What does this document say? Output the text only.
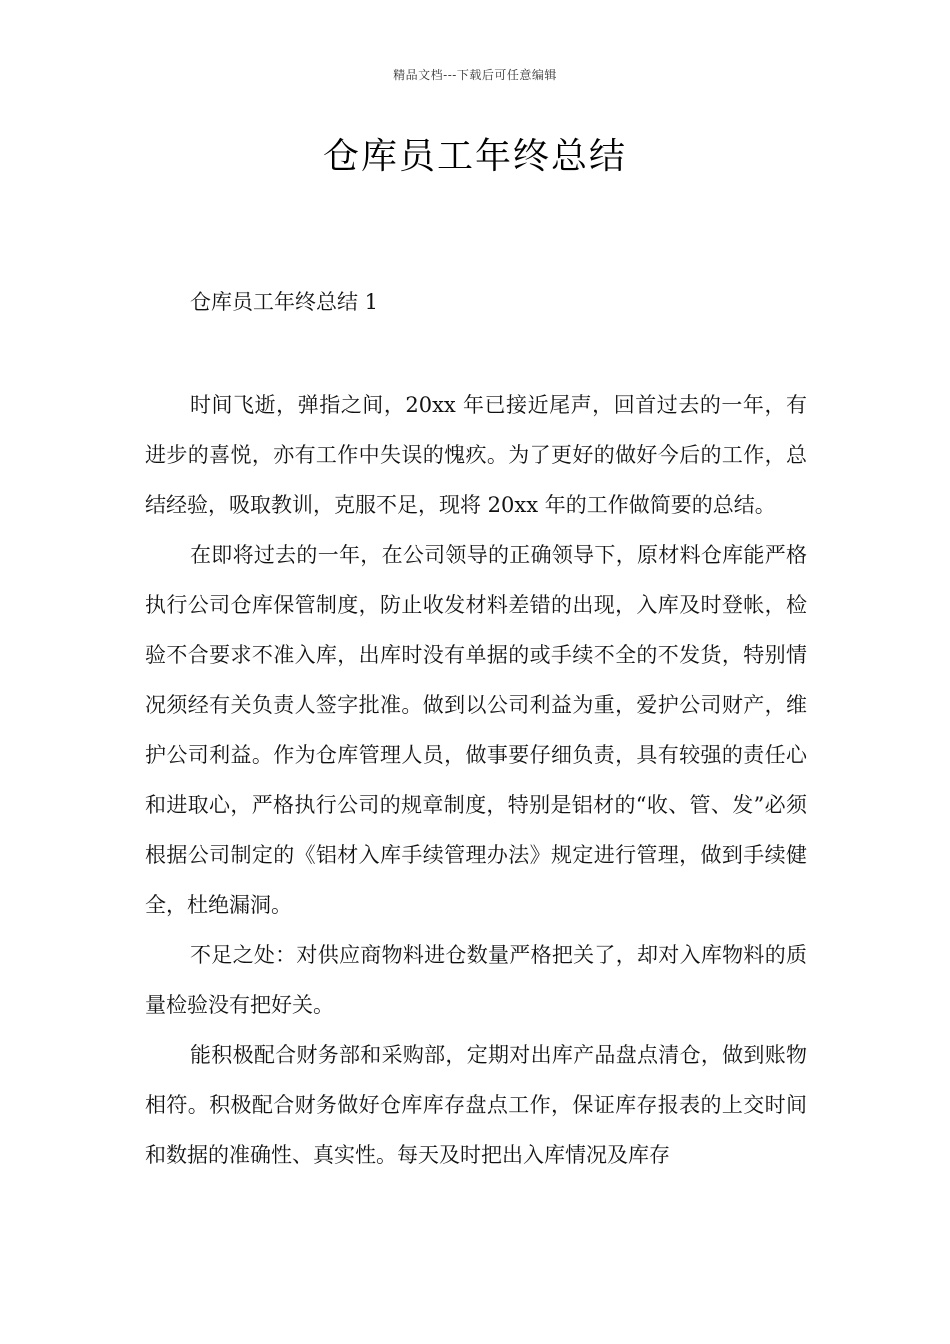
精品文档---下载后可任意编辑
仓库员工年终总结

仓库员工年终总结 1

时间飞逝，弹指之间，20xx 年已接近尾声，回首过去的一年，有进步的喜悦，亦有工作中失误的愧疚。为了更好的做好今后的工作，总结经验，吸取教训，克服不足，现将 20xx 年的工作做简要的总结。

在即将过去的一年，在公司领导的正确领导下，原材料仓库能严格执行公司仓库保管制度，防止收发材料差错的出现，入库及时登帐，检验不合要求不准入库，出库时没有单据的或手续不全的不发货，特别情况须经有关负责人签字批准。做到以公司利益为重，爱护公司财产，维护公司利益。作为仓库管理人员，做事要仔细负责，具有较强的责任心和进取心，严格执行公司的规章制度，特别是铝材的“收、管、发”必须根据公司制定的《铝材入库手续管理办法》规定进行管理，做到手续健全，杜绝漏洞。

不足之处：对供应商物料进仓数量严格把关了，却对入库物料的质量检验没有把好关。

能积极配合财务部和采购部，定期对出库产品盘点清仓，做到账物相符。积极配合财务做好仓库库存盘点工作，保证库存报表的上交时间和数据的准确性、真实性。每天及时把出入库情况及库存
